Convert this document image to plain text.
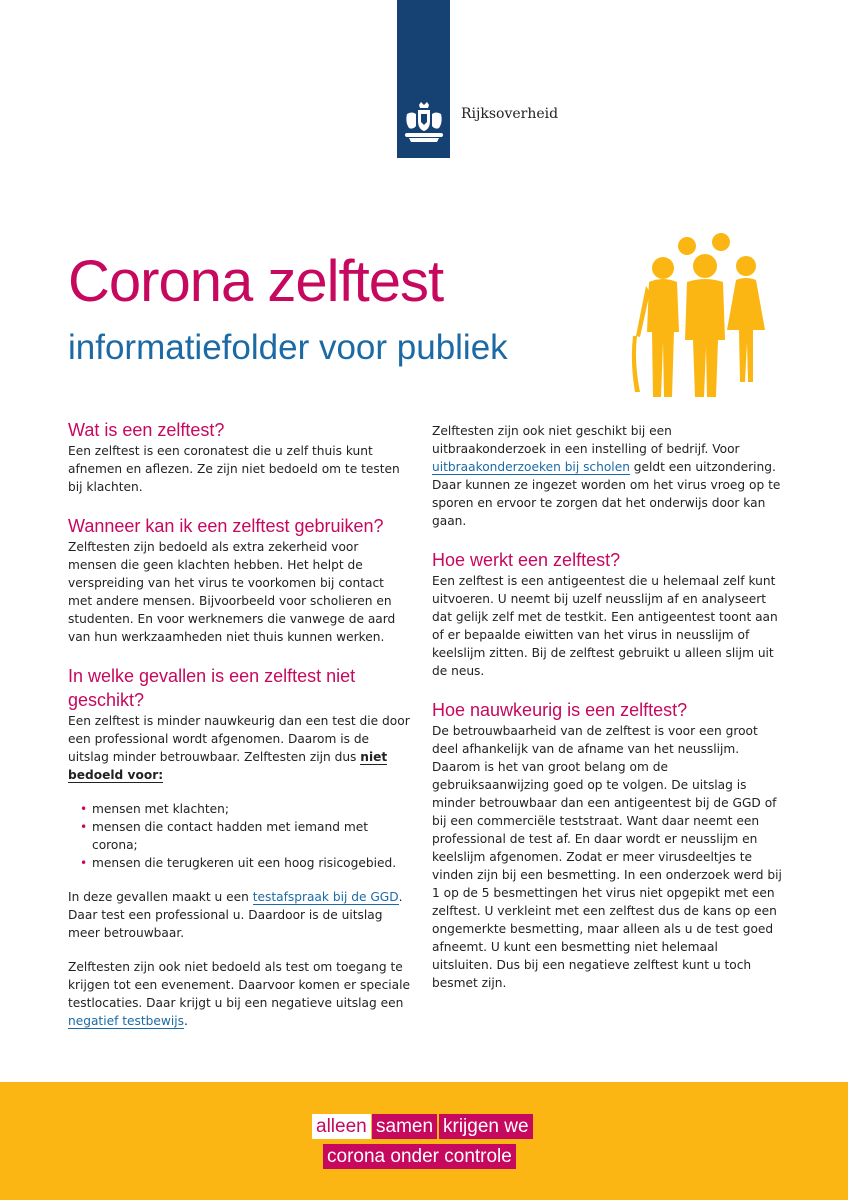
Rijksoverheid
Corona zelftest
informatiefolder voor publiek
Wat is een zelftest?

Een zelftest is een coronatest die u zelf thuis kunt afnemen en aflezen. Ze zijn niet bedoeld om te testen bij klachten.

Wanneer kan ik een zelftest gebruiken?

Zelftesten zijn bedoeld als extra zekerheid voor mensen die geen klachten hebben. Het helpt de verspreiding van het virus te voorkomen bij contact met andere mensen. Bijvoorbeeld voor scholieren en studenten. En voor werknemers die vanwege de aard van hun werkzaamheden niet thuis kunnen werken.

In welke gevallen is een zelftest niet geschikt?

Een zelftest is minder nauwkeurig dan een test die door een professional wordt afgenomen. Daarom is de uitslag minder betrouwbaar. Zelftesten zijn dus niet bedoeld voor:

• mensen met klachten;
• mensen die contact hadden met iemand met corona;
• mensen die terugkeren uit een hoog risicogebied.

In deze gevallen maakt u een testafspraak bij de GGD. Daar test een professional u. Daardoor is de uitslag meer betrouwbaar.

Zelftesten zijn ook niet bedoeld als test om toegang te krijgen tot een evenement. Daarvoor komen er speciale testlocaties. Daar krijgt u bij een negatieve uitslag een negatief testbewijs.

Zelftesten zijn ook niet geschikt bij een uitbraakonderzoek in een instelling of bedrijf. Voor uitbraakonderzoeken bij scholen geldt een uitzondering. Daar kunnen ze ingezet worden om het virus vroeg op te sporen en ervoor te zorgen dat het onderwijs door kan gaan.

Hoe werkt een zelftest?

Een zelftest is een antigeentest die u helemaal zelf kunt uitvoeren. U neemt bij uzelf neusslijm af en analyseert dat gelijk zelf met de testkit. Een antigeentest toont aan of er bepaalde eiwitten van het virus in neusslijm of keelslijm zitten. Bij de zelftest gebruikt u alleen slijm uit de neus.

Hoe nauwkeurig is een zelftest?

De betrouwbaarheid van de zelftest is voor een groot deel afhankelijk van de afname van het neusslijm. Daarom is het van groot belang om de gebruiksaanwijzing goed op te volgen. De uitslag is minder betrouwbaar dan een antigeentest bij de GGD of bij een commerciële teststraat. Want daar neemt een professional de test af. En daar wordt er neusslijm en keelslijm afgenomen. Zodat er meer virusdeeltjes te vinden zijn bij een besmetting. In een onderzoek werd bij 1 op de 5 besmettingen het virus niet opgepikt met een zelftest. U verkleint met een zelftest dus de kans op een ongemerkte besmetting, maar alleen als u de test goed afneemt. U kunt een besmetting niet helemaal uitsluiten. Dus bij een negatieve zelftest kunt u toch besmet zijn.

alleen samen krijgen we
corona onder controle
